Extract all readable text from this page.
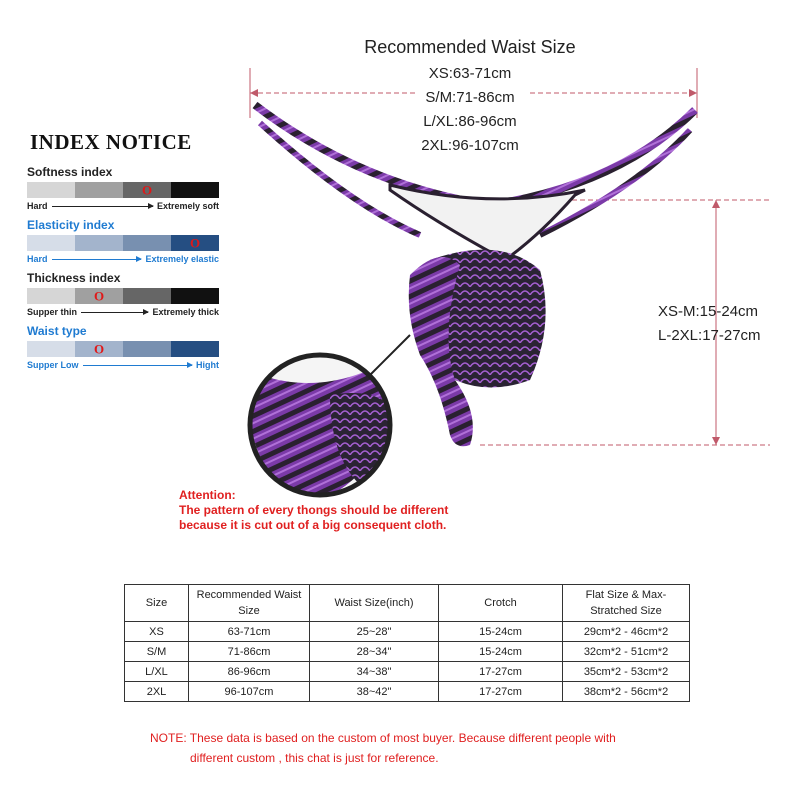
Recommended Waist Size
XS:63-71cm
S/M:71-86cm
L/XL:86-96cm
2XL:96-107cm
INDEX NOTICE
Softness index
O
Hard	Extremely soft
Elasticity index
O
Hard	Extremely elastic
Thickness index
O
Supper thin	Extremely thick
Waist type
O
Supper Low	Hight
XS-M:15-24cm
L-2XL:17-27cm
Attention:
The pattern of every thongs should be different
because it is cut out of a big consequent cloth.
Size	Recommended Waist Size	Waist Size(inch)	Crotch	Flat Size & Max-Stratched Size
XS	63-71cm	25~28"	15-24cm	29cm*2 - 46cm*2
S/M	71-86cm	28~34"	15-24cm	32cm*2 - 51cm*2
L/XL	86-96cm	34~38"	17-27cm	35cm*2 - 53cm*2
2XL	96-107cm	38~42"	17-27cm	38cm*2 - 56cm*2
NOTE: These data is based on the custom of most buyer. Because different people with
different custom , this chat is just for reference.
